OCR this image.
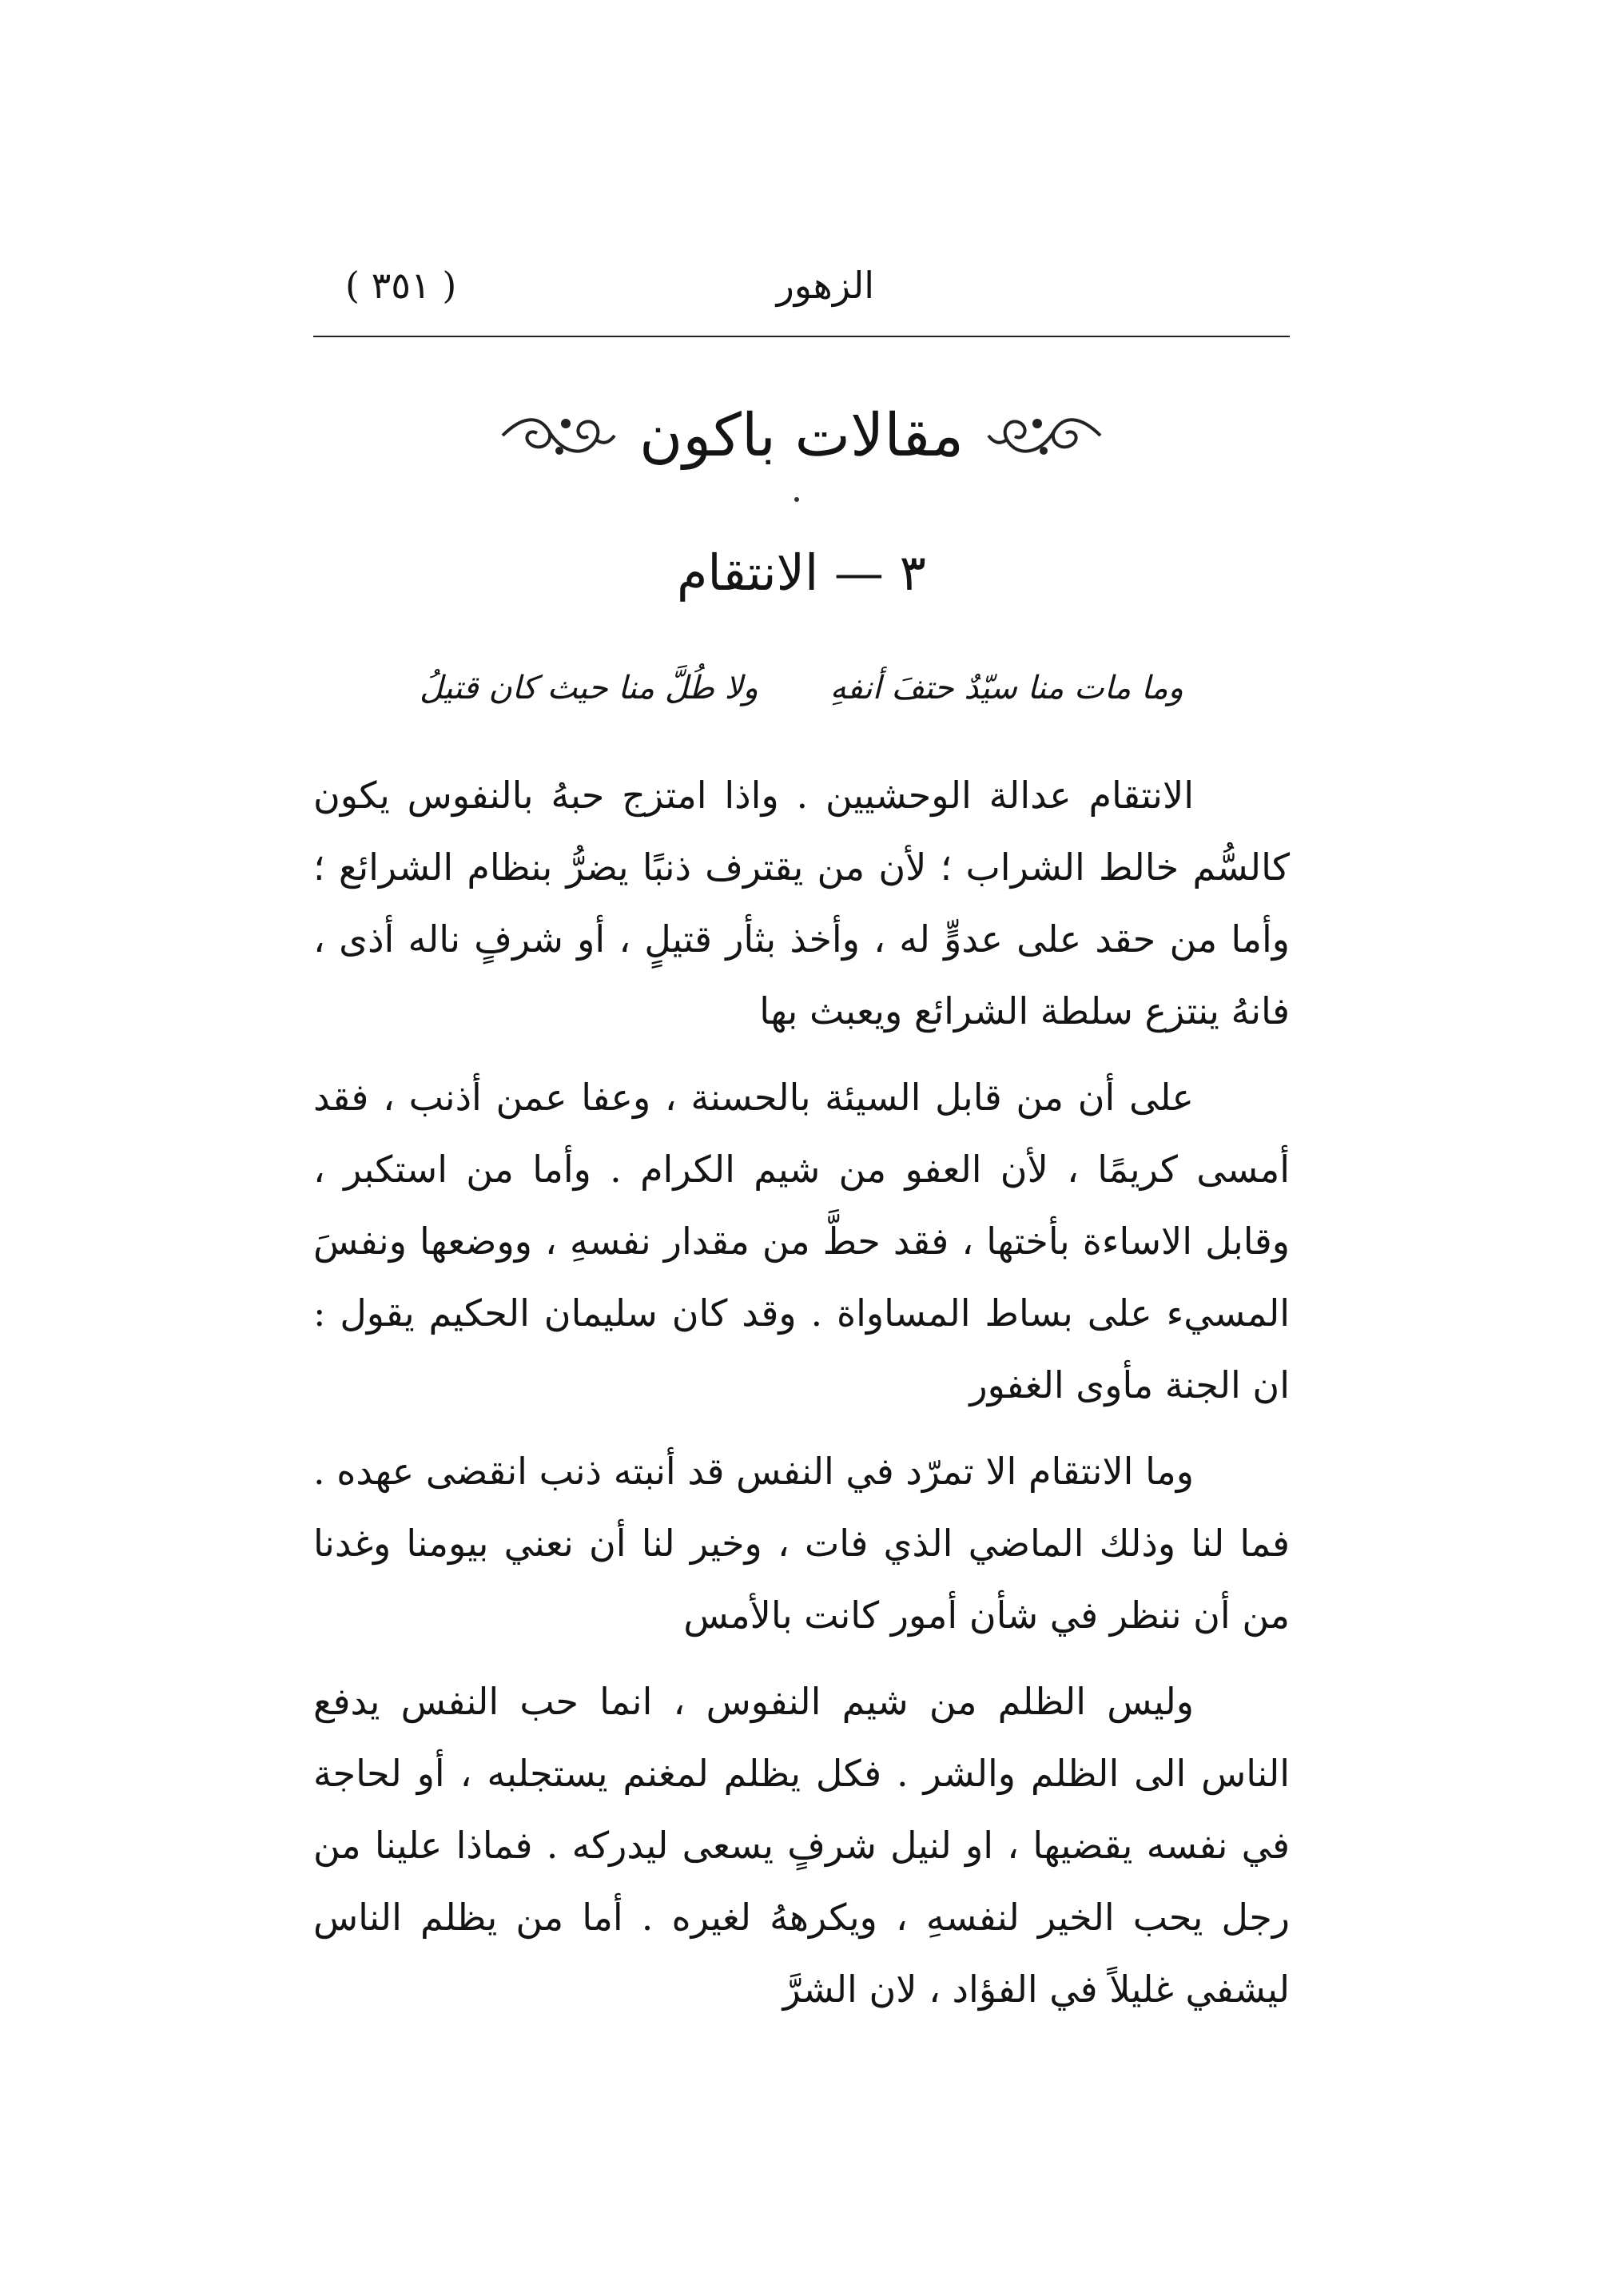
الزهور
( ٣٥١ )
مقالات باكون
٣ — الانتقام
وما مات منا سيّدٌ حتفَ أنفهِ
ولا طُلَّ منا حيث كان قتيلُ

الانتقام عدالة الوحشيين . واذا امتزج حبهُ بالنفوس يكون كالسُّم خالط الشراب ؛ لأن من يقترف ذنبًا يضرُّ بنظام الشرائع ؛ وأما من حقد على عدوٍّ له ، وأخذ بثأر قتيلٍ ، أو شرفٍ ناله أذى ، فانهُ ينتزع سلطة الشرائع ويعبث بها

على أن من قابل السيئة بالحسنة ، وعفا عمن أذنب ، فقد أمسى كريمًا ، لأن العفو من شيم الكرام . وأما من استكبر ، وقابل الاساءة بأختها ، فقد حطَّ من مقدار نفسهِ ، ووضعها ونفسَ المسيء على بساط المساواة . وقد كان سليمان الحكيم يقول : ان الجنة مأوى الغفور

وما الانتقام الا تمرّد في النفس قد أنبته ذنب انقضى عهده . فما لنا وذلك الماضي الذي فات ، وخير لنا أن نعني بيومنا وغدنا من أن ننظر في شأن أمور كانت بالأمس

وليس الظلم من شيم النفوس ، انما حب النفس يدفع الناس الى الظلم والشر . فكل يظلم لمغنم يستجلبه ، أو لحاجة في نفسه يقضيها ، او لنيل شرفٍ يسعى ليدركه . فماذا علينا من رجل يحب الخير لنفسهِ ، ويكرههُ لغيره . أما من يظلم الناس ليشفي غليلاً في الفؤاد ، لان الشرَّ
